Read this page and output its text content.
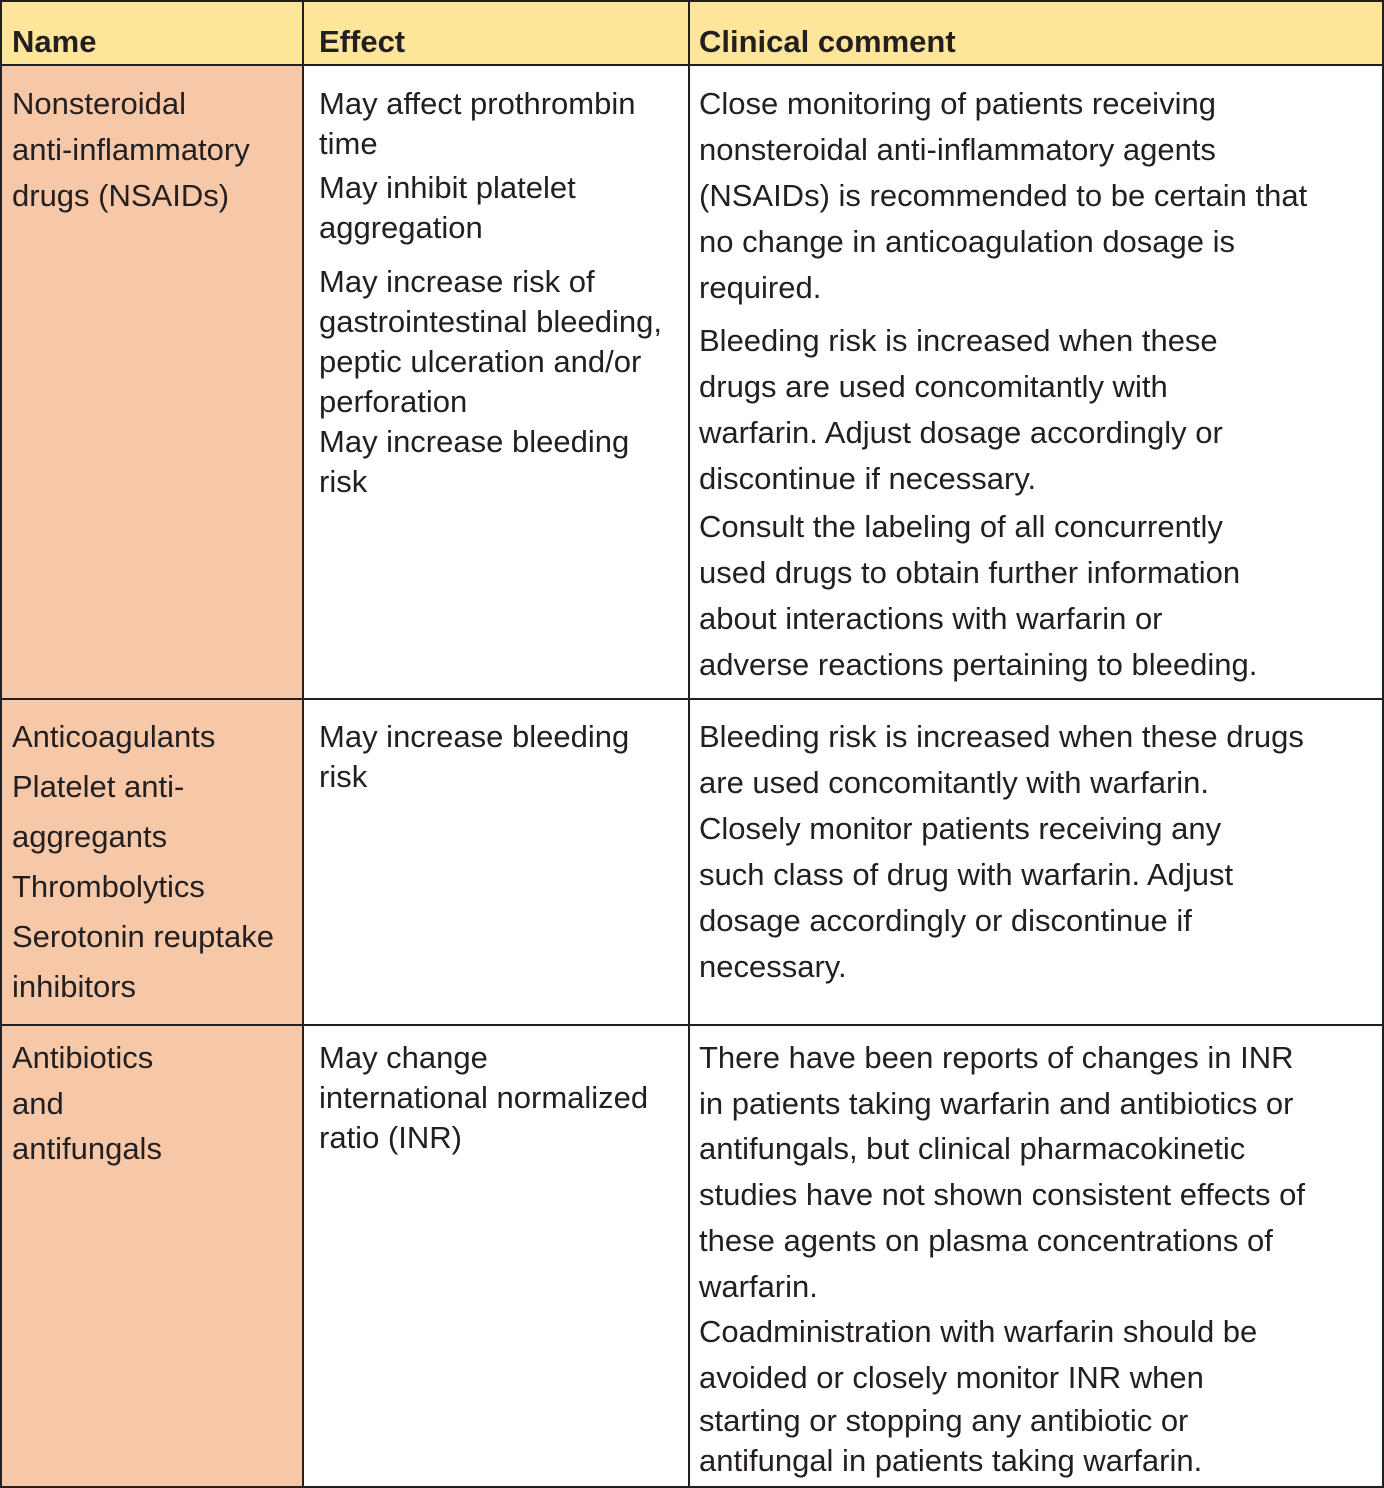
Name	Effect	Clinical comment
Nonsteroidal
anti-inflammatory
drugs (NSAIDs)
May affect prothrombin
time
May inhibit platelet
aggregation
May increase risk of
gastrointestinal bleeding,
peptic ulceration and/or
perforation
May increase bleeding
risk
Close monitoring of patients receiving
nonsteroidal anti-inflammatory agents
(NSAIDs) is recommended to be certain that
no change in anticoagulation dosage is
required.
Bleeding risk is increased when these
drugs are used concomitantly with
warfarin. Adjust dosage accordingly or
discontinue if necessary.
Consult the labeling of all concurrently
used drugs to obtain further information
about interactions with warfarin or
adverse reactions pertaining to bleeding.
Anticoagulants
Platelet anti-
aggregants
Thrombolytics
Serotonin reuptake
inhibitors
May increase bleeding
risk
Bleeding risk is increased when these drugs
are used concomitantly with warfarin.
Closely monitor patients receiving any
such class of drug with warfarin. Adjust
dosage accordingly or discontinue if
necessary.
Antibiotics
and
antifungals
May change
international normalized
ratio (INR)
There have been reports of changes in INR
in patients taking warfarin and antibiotics or
antifungals, but clinical pharmacokinetic
studies have not shown consistent effects of
these agents on plasma concentrations of
warfarin.
Coadministration with warfarin should be
avoided or closely monitor INR when
starting or stopping any antibiotic or
antifungal in patients taking warfarin.
